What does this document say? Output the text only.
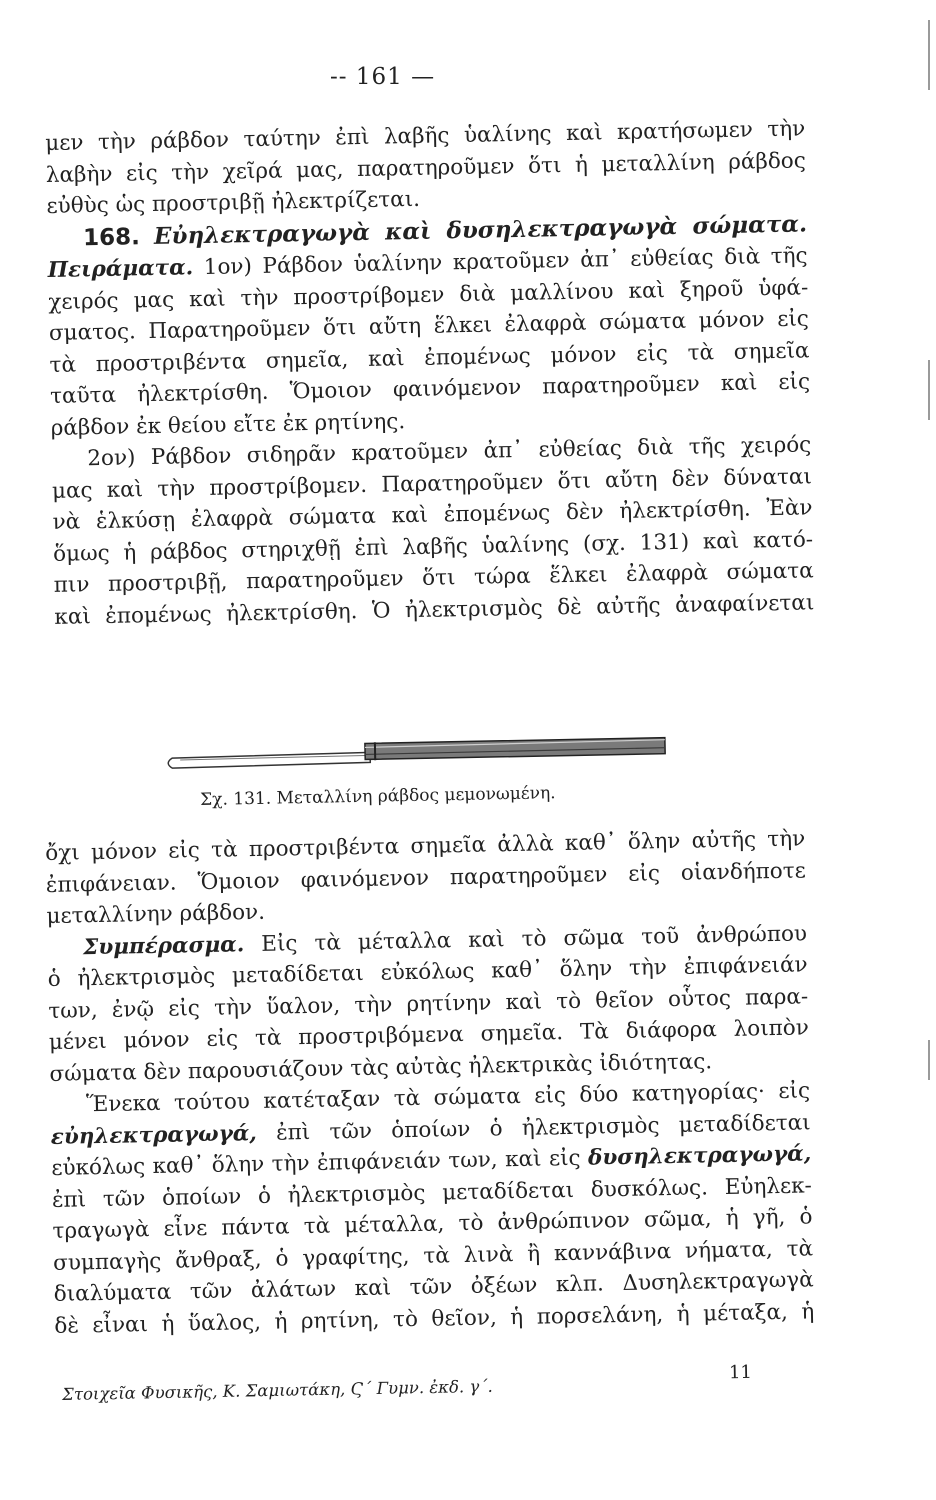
-- 161 —
μεν τὴν ράβδον ταύτην ἐπὶ λαβῆς ὑαλίνης καὶ κρατήσωμεν τὴν
λαβὴν εἰς τὴν χεῖρά μας, παρατηροῦμεν ὅτι ἡ μεταλλίνη ράβδος
εὐθὺς ὡς προστριβῇ ἠλεκτρίζεται.
168. Εὐηλεκτραγωγὰ καὶ δυσηλεκτραγωγὰ σώματα.
Πειράματα. 1ον) Ράβδον ὑαλίνην κρατοῦμεν ἀπ᾽ εὐθείας διὰ τῆς
χειρός μας καὶ τὴν προστρίβομεν διὰ μαλλίνου καὶ ξηροῦ ὑφά-
σματος. Παρατηροῦμεν ὅτι αὔτη ἕλκει ἐλαφρὰ σώματα μόνον εἰς
τὰ προστριβέντα σημεῖα, καὶ ἐπομένως μόνον εἰς τὰ σημεῖα
ταῦτα ἠλεκτρίσθη. Ὅμοιον φαινόμενον παρατηροῦμεν καὶ εἰς
ράβδον ἐκ θείου εἴτε ἐκ ρητίνης.
2ον) Ράβδον σιδηρᾶν κρατοῦμεν ἀπ᾽ εὐθείας διὰ τῆς χειρός
μας καὶ τὴν προστρίβομεν. Παρατηροῦμεν ὅτι αὔτη δὲν δύναται
νὰ ἑλκύσῃ ἐλαφρὰ σώματα καὶ ἐπομένως δὲν ἠλεκτρίσθη. Ἐὰν
ὅμως ἡ ράβδος στηριχθῇ ἐπὶ λαβῆς ὑαλίνης (σχ. 131) καὶ κατό-
πιν προστριβῇ, παρατηροῦμεν ὅτι τώρα ἕλκει ἐλαφρὰ σώματα
καὶ ἐπομένως ἠλεκτρίσθη. Ὁ ἠλεκτρισμὸς δὲ αὐτῆς ἀναφαίνεται
Σχ. 131. Μεταλλίνη ράβδος μεμονωμένη.
ὄχι μόνον εἰς τὰ προστριβέντα σημεῖα ἀλλὰ καθ᾽ ὅλην αὐτῆς τὴν
ἐπιφάνειαν. Ὅμοιον φαινόμενον παρατηροῦμεν εἰς οἱανδήποτε
μεταλλίνην ράβδον.
Συμπέρασμα. Εἰς τὰ μέταλλα καὶ τὸ σῶμα τοῦ ἀνθρώπου
ὁ ἠλεκτρισμὸς μεταδίδεται εὐκόλως καθ᾽ ὅλην τὴν ἐπιφάνειάν
των, ἐνῷ εἰς τὴν ὕαλον, τὴν ρητίνην καὶ τὸ θεῖον οὗτος παρα-
μένει μόνον εἰς τὰ προστριβόμενα σημεῖα. Τὰ διάφορα λοιπὸν
σώματα δὲν παρουσιάζουν τὰς αὐτὰς ἠλεκτρικὰς ἰδιότητας.
Ἕνεκα τούτου κατέταξαν τὰ σώματα εἰς δύο κατηγορίας· εἰς
εὐηλεκτραγωγά, ἐπὶ τῶν ὁποίων ὁ ἠλεκτρισμὸς μεταδίδεται
εὐκόλως καθ᾽ ὅλην τὴν ἐπιφάνειάν των, καὶ εἰς δυσηλεκτραγωγά,
ἐπὶ τῶν ὁποίων ὁ ἠλεκτρισμὸς μεταδίδεται δυσκόλως. Εὐηλεκ-
τραγωγὰ εἶνε πάντα τὰ μέταλλα, τὸ ἀνθρώπινον σῶμα, ἡ γῆ, ὁ
συμπαγὴς ἄνθραξ, ὁ γραφίτης, τὰ λινὰ ἢ καννάβινα νήματα, τὰ
διαλύματα τῶν ἀλάτων καὶ τῶν ὀξέων κλπ. Δυσηλεκτραγωγὰ
δὲ εἶναι ἡ ὕαλος, ἡ ρητίνη, τὸ θεῖον, ἡ πορσελάνη, ἡ μέταξα, ἡ
Στοιχεῖα Φυσικῆς, Κ. Σαμιωτάκη, Ϛ´ Γυμν. ἐκδ. γ´.
11
